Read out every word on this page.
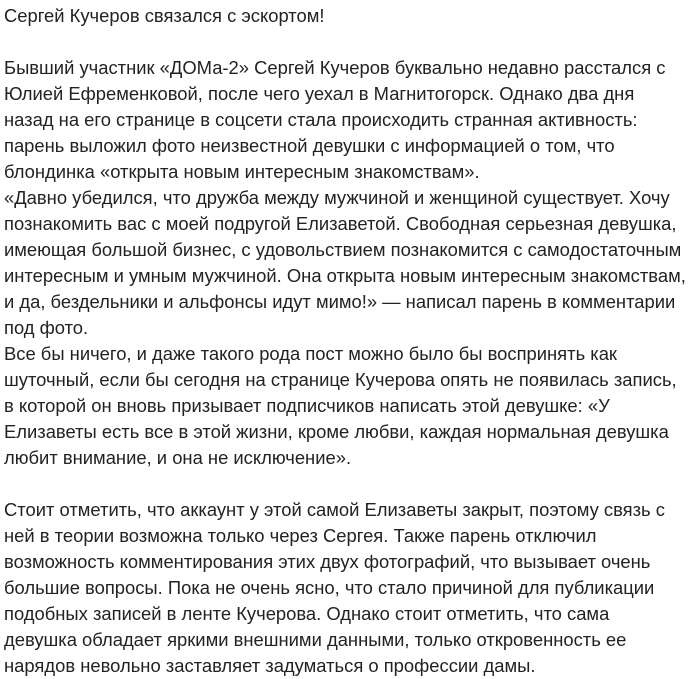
Сергей Кучеров связался с эскортом!

Бывший участник «ДОМа-2» Сергей Кучеров буквально недавно расстался с Юлией Ефременковой, после чего уехал в Магнитогорск. Однако два дня назад на его странице в соцсети стала происходить странная активность: парень выложил фото неизвестной девушки с информацией о том, что блондинка «открыта новым интересным знакомствам».

«Давно убедился, что дружба между мужчиной и женщиной существует. Хочу познакомить вас с моей подругой Елизаветой. Свободная серьезная девушка, имеющая большой бизнес, с удовольствием познакомится с самодостаточным интересным и умным мужчиной. Она открыта новым интересным знакомствам, и да, бездельники и альфонсы идут мимо!» — написал парень в комментарии под фото.

Все бы ничего, и даже такого рода пост можно было бы воспринять как шуточный, если бы сегодня на странице Кучерова опять не появилась запись, в которой он вновь призывает подписчиков написать этой девушке: «У Елизаветы есть все в этой жизни, кроме любви, каждая нормальная девушка любит внимание, и она не исключение».

Стоит отметить, что аккаунт у этой самой Елизаветы закрыт, поэтому связь с ней в теории возможна только через Сергея. Также парень отключил возможность комментирования этих двух фотографий, что вызывает очень большие вопросы. Пока не очень ясно, что стало причиной для публикации подобных записей в ленте Кучерова. Однако стоит отметить, что сама девушка обладает яркими внешними данными, только откровенность ее нарядов невольно заставляет задуматься о профессии дамы.
